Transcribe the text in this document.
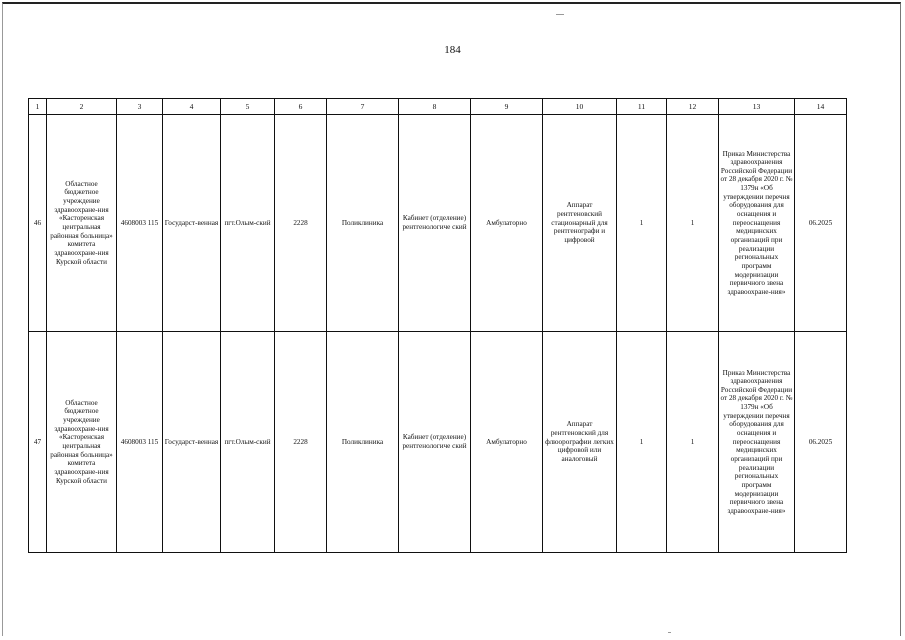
184
1	2	3	4	5	6	7	8	9	10	11	12	13	14
46	Областное бюджетное учреждение здравоохране-ния «Касторенская центральная районная больница» комитета здравоохране-ния Курской области	4608003 115	Государст-венная	пгт.Олым-ский	2228	Поликлиника	Кабинет (отделение) рентгенологиче ский	Амбулаторно	Аппарат рентгеновский стационарный для рентгенографи и цифровой	1	1	Приказ Министерства здравоохранения Российской Федерации от 28 декабря 2020 г. № 1379н «Об утверждении перечня оборудования для оснащения и переоснащения медицинских организаций при реализации региональных программ модернизации первичного звена здравоохране-ния»	06.2025
47	Областное бюджетное учреждение здравоохране-ния «Касторенская центральная районная больница» комитета здравоохране-ния Курской области	4608003 115	Государст-венная	пгт.Олым-ский	2228	Поликлиника	Кабинет (отделение) рентгенологиче ский	Амбулаторно	Аппарат рентгеновский для флюорографии легких цифровой или аналоговый	1	1	Приказ Министерства здравоохранения Российской Федерации от 28 декабря 2020 г. № 1379н «Об утверждении перечня оборудования для оснащения и переоснащения медицинских организаций при реализации региональных программ модернизации первичного звена здравоохране-ния»	06.2025
